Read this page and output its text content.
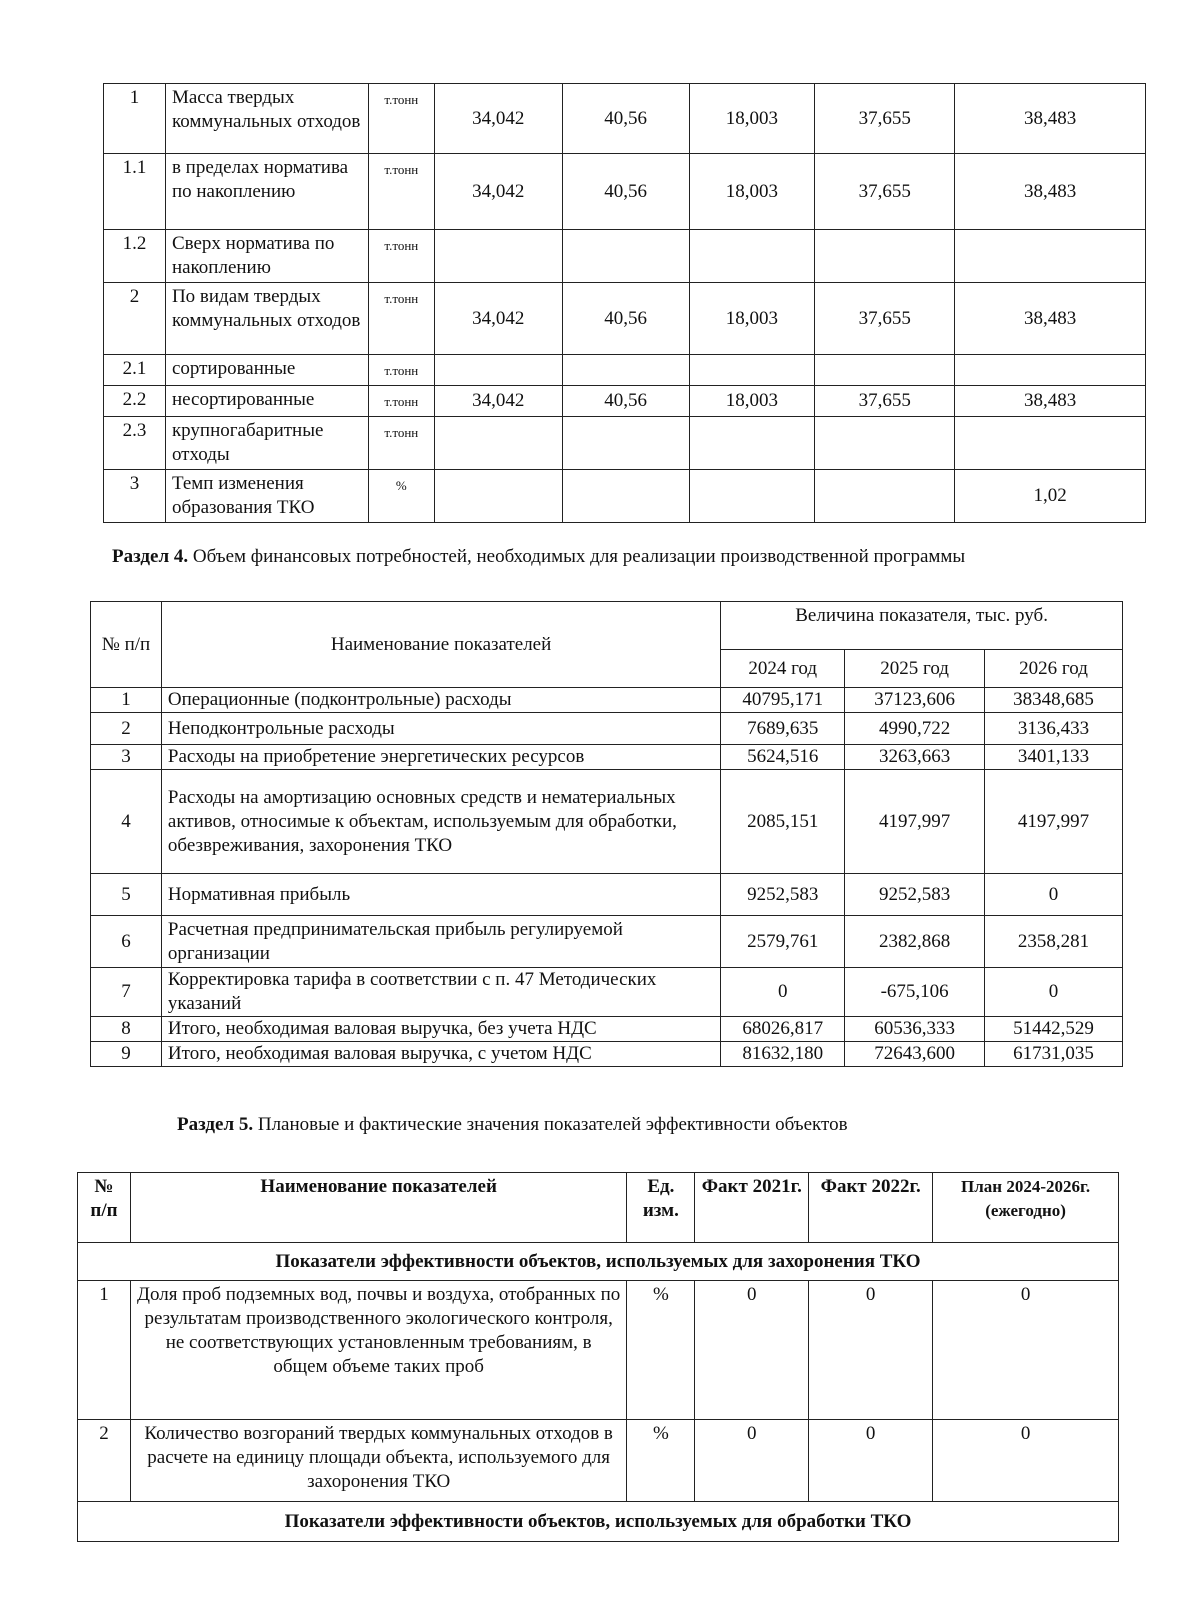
1	Масса твердых коммунальных отходов	т.тонн	34,042	40,56	18,003	37,655	38,483
1.1	в пределах норматива по накоплению	т.тонн	34,042	40,56	18,003	37,655	38,483
1.2	Сверх норматива по накоплению	т.тонн					
2	По видам твердых коммунальных отходов	т.тонн	34,042	40,56	18,003	37,655	38,483
2.1	сортированные	т.тонн					
2.2	несортированные	т.тонн	34,042	40,56	18,003	37,655	38,483
2.3	крупногабаритные отходы	т.тонн					
3	Темп изменения образования ТКО	%					1,02
Раздел 4. Объем финансовых потребностей, необходимых для реализации производственной программы
№ п/п	Наименование показателей	Величина показателя, тыс. руб.		
		2024 год	2025 год	2026 год
1	Операционные (подконтрольные) расходы	40795,171	37123,606	38348,685
2	Неподконтрольные расходы	7689,635	4990,722	3136,433
3	Расходы на приобретение энергетических ресурсов	5624,516	3263,663	3401,133
4	Расходы на амортизацию основных средств и нематериальных активов, относимые к объектам, используемым для обработки, обезвреживания, захоронения ТКО	2085,151	4197,997	4197,997
5	Нормативная прибыль	9252,583	9252,583	0
6	Расчетная предпринимательская прибыль регулируемой организации	2579,761	2382,868	2358,281
7	Корректировка тарифа в соответствии с п. 47 Методических указаний	0	-675,106	0
8	Итого, необходимая валовая выручка, без учета НДС	68026,817	60536,333	51442,529
9	Итого, необходимая валовая выручка, с учетом НДС	81632,180	72643,600	61731,035
Раздел 5. Плановые и фактические значения показателей эффективности объектов
№ п/п	Наименование показателей	Ед. изм.	Факт 2021г.	Факт 2022г.	План 2024-2026г. (ежегодно)
Показатели эффективности объектов, используемых для захоронения ТКО					
1	Доля проб подземных вод, почвы и воздуха, отобранных по результатам производственного экологического контроля, не соответствующих установленным требованиям, в общем объеме таких проб	%	0	0	0
2	Количество возгораний твердых коммунальных отходов в расчете на единицу площади объекта, используемого для захоронения ТКО	%	0	0	0
Показатели эффективности объектов, используемых для обработки ТКО					
